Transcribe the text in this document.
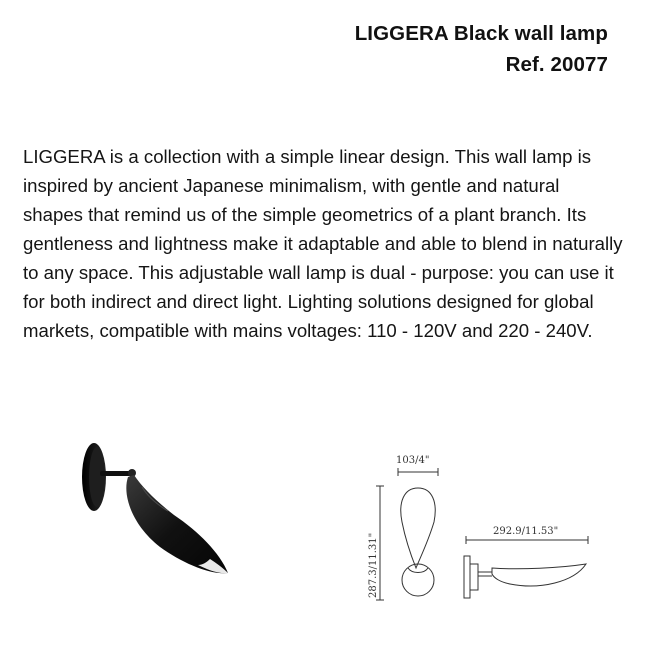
LIGGERA Black wall lamp
Ref. 20077
LIGGERA is a collection with a simple linear design. This wall lamp is inspired by ancient Japanese minimalism, with gentle and natural shapes that remind us of the simple geometrics of a plant branch. Its gentleness and lightness make it adaptable and able to blend in naturally to any space. This adjustable wall lamp is dual - purpose: you can use it for both indirect and direct light. Lighting solutions designed for global markets, compatible with mains voltages: 110 - 120V and 220 - 240V.
103/4"
292.9/11.53"
287.3/11.31"
